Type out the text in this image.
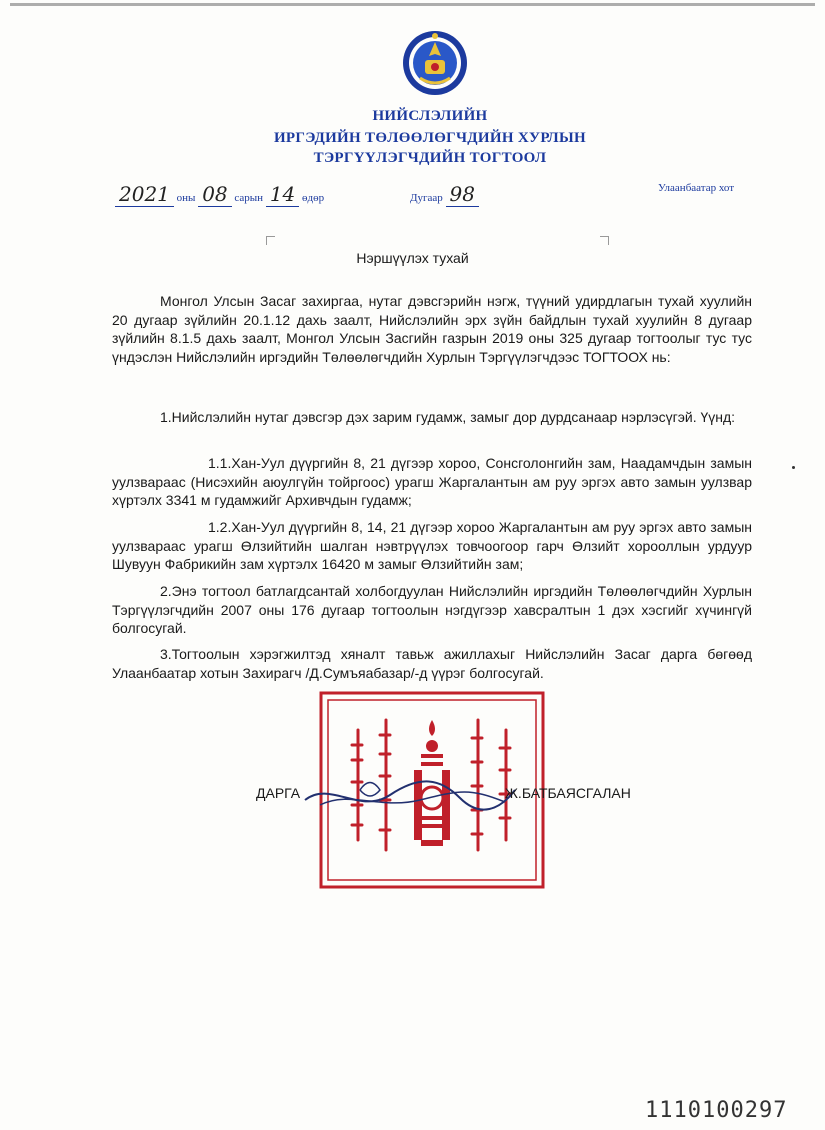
НИЙСЛЭЛИЙН
ИРГЭДИЙН ТӨЛӨӨЛӨГЧДИЙН ХУРЛЫН
ТЭРГҮҮЛЭГЧДИЙН ТОГТООЛ
2021 оны 08 сарын 14 өдөр	Дугаар 98	Улаанбаатар хот
Нэршүүлэх тухай
Монгол Улсын Засаг захиргаа, нутаг дэвсгэрийн нэгж, түүний удирдлагын тухай хуулийн 20 дугаар зүйлийн 20.1.12 дахь заалт, Нийслэлийн эрх зүйн байдлын тухай хуулийн 8 дугаар зүйлийн 8.1.5 дахь заалт, Монгол Улсын Засгийн газрын 2019 оны 325 дугаар тогтоолыг тус тус үндэслэн Нийслэлийн иргэдийн Төлөөлөгчдийн Хурлын Тэргүүлэгчдээс ТОГТООХ нь:
1.Нийслэлийн нутаг дэвсгэр дэх зарим гудамж, замыг дор дурдсанаар нэрлэсүгэй. Үүнд:
1.1.Хан-Уул дүүргийн 8, 21 дүгээр хороо, Сонсголонгийн зам, Наадамчдын замын уулзвараас (Нисэхийн аюулгүйн тойргоос) урагш Жаргалантын ам руу эргэх авто замын уулзвар хүртэлх 3341 м гудамжийг Архивчдын гудамж;
1.2.Хан-Уул дүүргийн 8, 14, 21 дүгээр хороо Жаргалантын ам руу эргэх авто замын уулзвараас урагш Өлзийтийн шалган нэвтрүүлэх товчоогоор гарч Өлзийт хорооллын урдуур Шувуун Фабрикийн зам хүртэлх 16420 м замыг Өлзийтийн зам;
2.Энэ тогтоол батлагдсантай холбогдуулан Нийслэлийн иргэдийн Төлөөлөгчдийн Хурлын Тэргүүлэгчдийн 2007 оны 176 дугаар тогтоолын нэгдүгээр хавсралтын 1 дэх хэсгийг хүчингүй болгосугай.
3.Тогтоолын хэрэгжилтэд хяналт тавьж ажиллахыг Нийслэлийн Засаг дарга бөгөөд Улаанбаатар хотын Захирагч /Д.Сумъяабазар/-д үүрэг болгосугай.
ДАРГА	Ж.БАТБАЯСГАЛАН
1110100297
